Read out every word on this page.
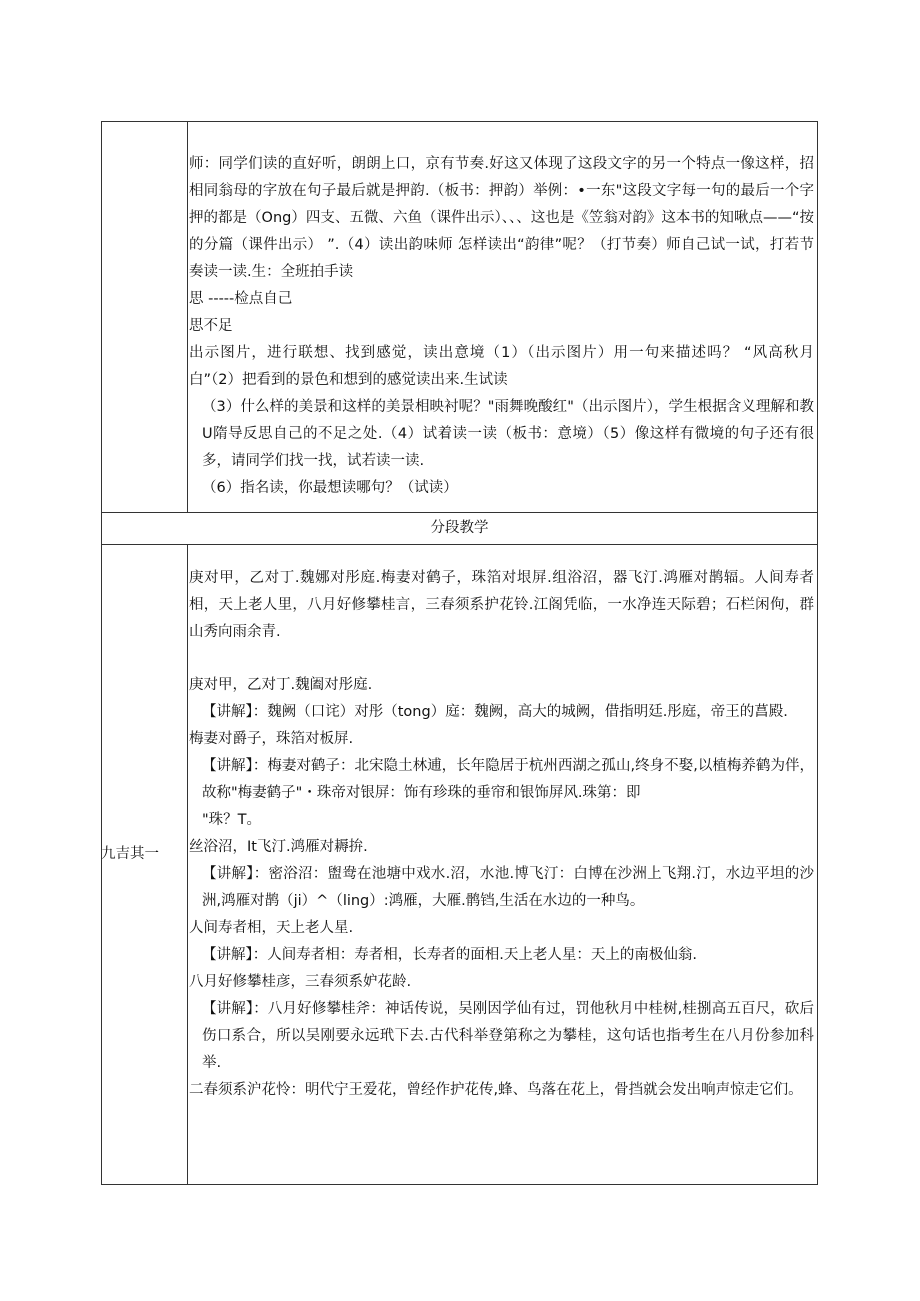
师：同学们读的直好听，朗朗上口，京有节奏.好这又体现了这段文字的另一个特点一像这样，招相同翁母的字放在句子最后就是押韵.（板书：押韵）举例：•一东"这段文字每一句的最后一个字押的都是（Ong）四支、五微、六鱼（课件出示）、、、这也是《笠翁对韵》这本书的知啾点——“按的分篇（课件出示） ”.（4）读出韵味师 怎样读出“韵律”呢？（打节奏）师自己试一试，打若节奏读一读.生：全班拍手读

思 -----检点自己

思不足

出示图片，进行联想、找到感觉，读出意境（1）（出示图片）用一句来描述吗？ “风高秋月白”（2）把看到的景色和想到的感觉读出来.生试读

（3）什么样的美景和这样的美景相映衬呢？"雨舞晚酸红"（出示图片），学生根据含义理解和教U隋导反思自己的不足之处.（4）试着读一读（板书：意境）（5）像这样有微境的句子还有很多，请同学们找一找，试若读一读.

（6）指名读，你最想读哪句？（试读）

分段教学
九吉其一

庚对甲，乙对丁.魏娜对彤庭.梅妻对鹤子，珠箔对垠屏.组浴沼，器飞汀.鸿雁对鹊辐。人间寿者相，天上老人里，八月好修攀桂言，三春须系护花铃.江阁凭临，一水净连天际碧；石栏闲佝，群山秀向雨余青.

庚对甲，乙对丁.魏阖对彤庭.

【讲解】：魏阙（口诧）对彤（tong）庭：魏阙，高大的城阙，借指明廷.彤庭，帝王的菖殿.

梅妻对爵子，珠箔对板屏.

【讲解】：梅妻对鹤子：北宋隐土林逋，长年隐居于杭州西湖之孤山,终身不娶,以植梅养鹤为伴，故称"梅妻鹤子"・珠帝对银屏：饰有珍珠的垂帘和银饰屏风.珠第：即

"珠？T。

丝浴沼，It飞汀.鸿雁对耨拚.

【讲解】：密浴沼：盥鸯在池塘中戏水.沼，水池.博飞汀：白博在沙洲上飞翔.汀，水边平坦的沙洲,鸿雁对鹊（ji）^（ling）:鸿雁，大雁.鹘铛,生活在水边的一种鸟。

人间寿者相，天上老人星.

【讲解】：人间寿者相：寿者相，长寿者的面相.天上老人星：天上的南极仙翁.

八月好修攀桂彦，三春须系妒花龄.

【讲解】：八月好修攀桂斧：神话传说，吴刚因学仙有过，罚他秋月中桂树,桂捌高五百尺，砍后伤口系合，所以吴刚要永远玳下去.古代科举登第称之为攀桂，这句话也指考生在八月份参加科举.

二春须系沪花怜：明代宁王爱花，曾经作护花传,蜂、鸟落在花上，骨挡就会发出响声惊走它们。
